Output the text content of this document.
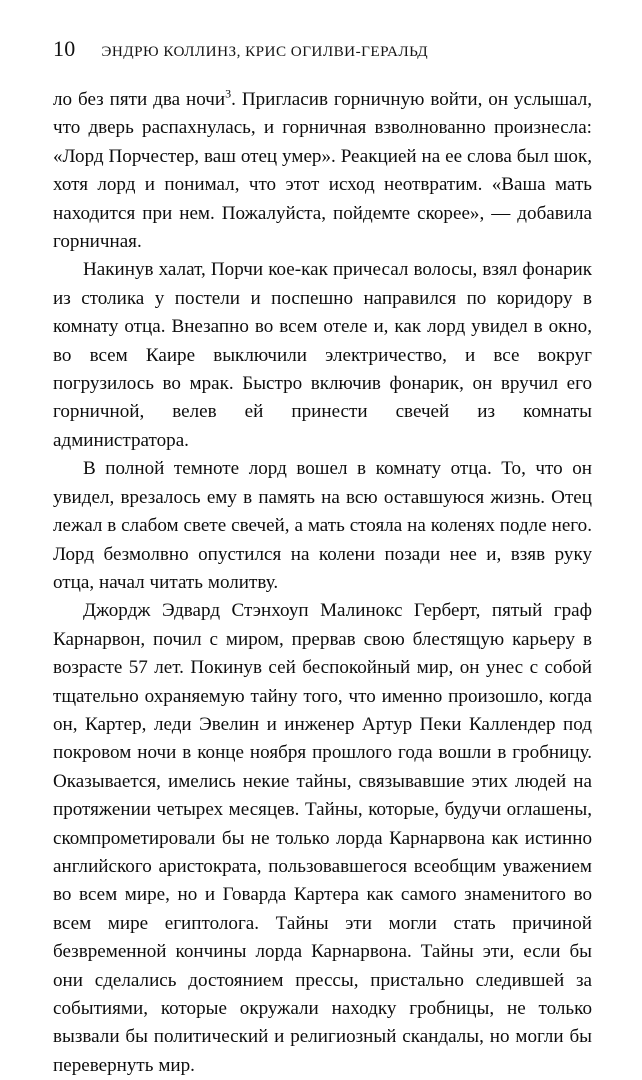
10 ЭНДРЮ КОЛЛИНЗ, КРИС ОГИЛВИ-ГЕРАЛЬД

ло без пяти два ночи$^3$. Пригласив горничную войти, он услышал, что дверь распахнулась, и горничная взволнованно произнесла: «Лорд Порчестер, ваш отец умер». Реакцией на ее слова был шок, хотя лорд и понимал, что этот исход неотвратим. «Ваша мать находится при нем. Пожалуйста, пойдемте скорее», — добавила горничная.

Накинув халат, Порчи кое-как причесал волосы, взял фонарик из столика у постели и поспешно направился по коридору в комнату отца. Внезапно во всем отеле и, как лорд увидел в окно, во всем Каире выключили электричество, и все вокруг погрузилось во мрак. Быстро включив фонарик, он вручил его горничной, велев ей принести свечей из комнаты администратора.

В полной темноте лорд вошел в комнату отца. То, что он увидел, врезалось ему в память на всю оставшуюся жизнь. Отец лежал в слабом свете свечей, а мать стояла на коленях подле него. Лорд безмолвно опустился на колени позади нее и, взяв руку отца, начал читать молитву.

Джордж Эдвард Стэнхоуп Малинокс Герберт, пятый граф Карнарвон, почил с миром, прервав свою блестящую карьеру в возрасте 57 лет. Покинув сей беспокойный мир, он унес с собой тщательно охраняемую тайну того, что именно произошло, когда он, Картер, леди Эвелин и инженер Артур Пеки Каллендер под покровом ночи в конце ноября прошлого года вошли в гробницу. Оказывается, имелись некие тайны, связывавшие этих людей на протяжении четырех месяцев. Тайны, которые, будучи оглашены, скомпрометировали бы не только лорда Карнарвона как истинно английского аристократа, пользовавшегося всеобщим уважением во всем мире, но и Говарда Картера как самого знаменитого во всем мире египтолога. Тайны эти могли стать причиной безвременной кончины лорда Карнарвона. Тайны эти, если бы они сделались достоянием прессы, пристально следившей за событиями, которые окружали находку гробницы, не только вызвали бы политический и религиозный скандалы, но могли бы перевернуть мир.
